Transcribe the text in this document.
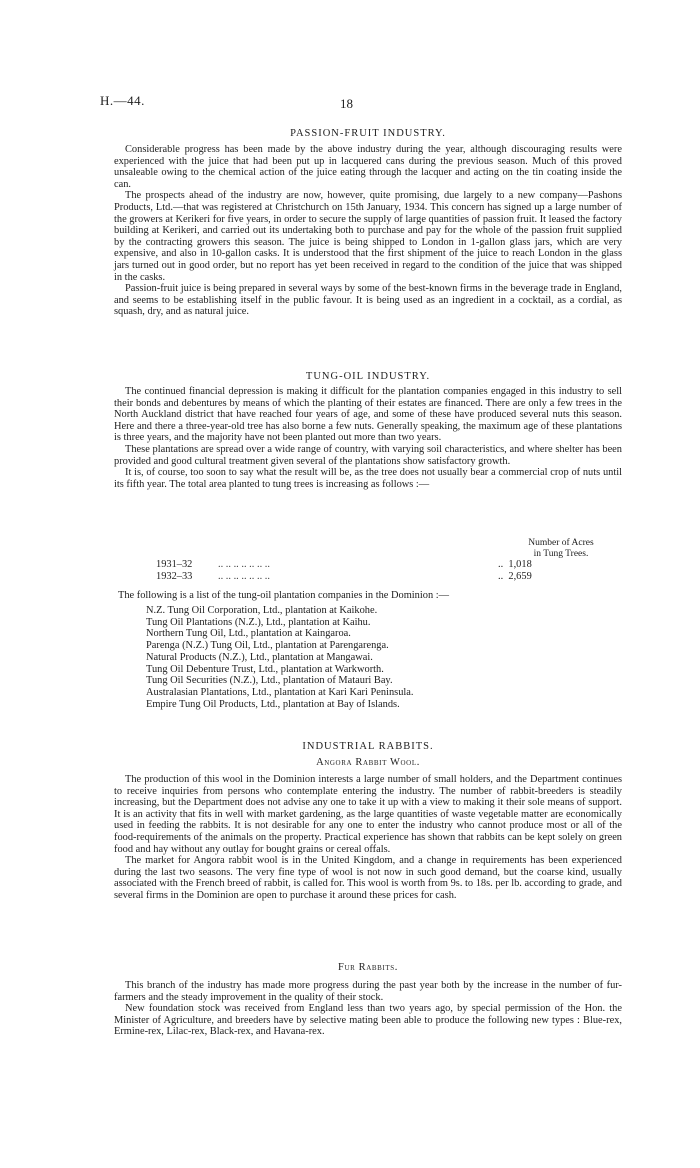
H.—44.	18
PASSION-FRUIT INDUSTRY.

Considerable progress has been made by the above industry during the year, although discouraging results were experienced with the juice that had been put up in lacquered cans during the previous season. Much of this proved unsaleable owing to the chemical action of the juice eating through the lacquer and acting on the tin coating inside the can.

The prospects ahead of the industry are now, however, quite promising, due largely to a new company—Pashons Products, Ltd.—that was registered at Christchurch on 15th January, 1934. This concern has signed up a large number of the growers at Kerikeri for five years, in order to secure the supply of large quantities of passion fruit. It leased the factory building at Kerikeri, and carried out its undertaking both to purchase and pay for the whole of the passion fruit supplied by the contracting growers this season. The juice is being shipped to London in 1-gallon glass jars, which are very expensive, and also in 10-gallon casks. It is understood that the first shipment of the juice to reach London in the glass jars turned out in good order, but no report has yet been received in regard to the condition of the juice that was shipped in the casks.

Passion-fruit juice is being prepared in several ways by some of the best-known firms in the beverage trade in England, and seems to be establishing itself in the public favour. It is being used as an ingredient in a cocktail, as a cordial, as squash, dry, and as natural juice.

TUNG-OIL INDUSTRY.

The continued financial depression is making it difficult for the plantation companies engaged in this industry to sell their bonds and debentures by means of which the planting of their estates are financed. There are only a few trees in the North Auckland district that have reached four years of age, and some of these have produced several nuts this season. Here and there a three-year-old tree has also borne a few nuts. Generally speaking, the maximum age of these plantations is three years, and the majority have not been planted out more than two years.

These plantations are spread over a wide range of country, with varying soil characteristics, and where shelter has been provided and good cultural treatment given several of the plantations show satisfactory growth.

It is, of course, too soon to say what the result will be, as the tree does not usually bear a commercial crop of nuts until its fifth year. The total area planted to tung trees is increasing as follows :—

Number of Acres
in Tung Trees.
1931–32 .. .. .. .. .. .. ..	..  1,018
1932–33 .. .. .. .. .. .. ..	..  2,659
The following is a list of the tung-oil plantation companies in the Dominion :—
N.Z. Tung Oil Corporation, Ltd., plantation at Kaikohe.
Tung Oil Plantations (N.Z.), Ltd., plantation at Kaihu.
Northern Tung Oil, Ltd., plantation at Kaingaroa.
Parenga (N.Z.) Tung Oil, Ltd., plantation at Parengarenga.
Natural Products (N.Z.), Ltd., plantation at Mangawai.
Tung Oil Debenture Trust, Ltd., plantation at Warkworth.
Tung Oil Securities (N.Z.), Ltd., plantation of Matauri Bay.
Australasian Plantations, Ltd., plantation at Kari Kari Peninsula.
Empire Tung Oil Products, Ltd., plantation at Bay of Islands.
INDUSTRIAL RABBITS.
Angora Rabbit Wool.

The production of this wool in the Dominion interests a large number of small holders, and the Department continues to receive inquiries from persons who contemplate entering the industry. The number of rabbit-breeders is steadily increasing, but the Department does not advise any one to take it up with a view to making it their sole means of support. It is an activity that fits in well with market gardening, as the large quantities of waste vegetable matter are economically used in feeding the rabbits. It is not desirable for any one to enter the industry who cannot produce most or all of the food-requirements of the animals on the property. Practical experience has shown that rabbits can be kept solely on green food and hay without any outlay for bought grains or cereal offals.

The market for Angora rabbit wool is in the United Kingdom, and a change in requirements has been experienced during the last two seasons. The very fine type of wool is not now in such good demand, but the coarse kind, usually associated with the French breed of rabbit, is called for. This wool is worth from 9s. to 18s. per lb. according to grade, and several firms in the Dominion are open to purchase it around these prices for cash.

Fur Rabbits.

This branch of the industry has made more progress during the past year both by the increase in the number of fur-farmers and the steady improvement in the quality of their stock.

New foundation stock was received from England less than two years ago, by special permission of the Hon. the Minister of Agriculture, and breeders have by selective mating been able to produce the following new types : Blue-rex, Ermine-rex, Lilac-rex, Black-rex, and Havana-rex.
